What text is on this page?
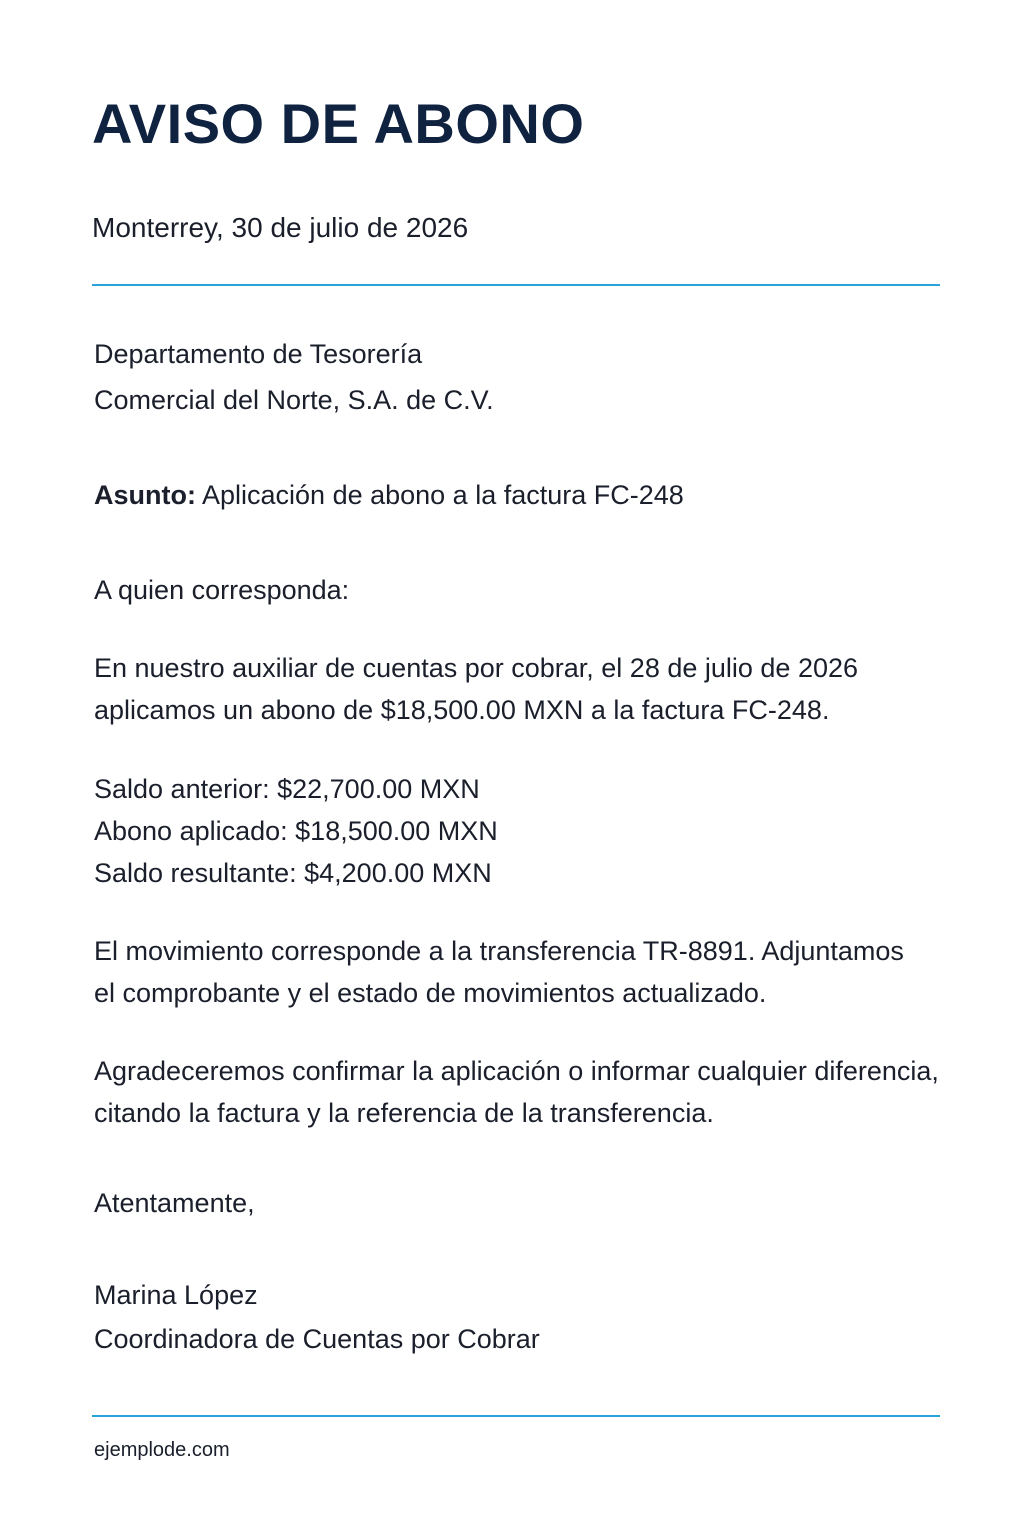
AVISO DE ABONO
Monterrey, 30 de julio de 2026
Departamento de Tesorería
Comercial del Norte, S.A. de C.V.
Asunto: Aplicación de abono a la factura FC-248
A quien corresponda:
En nuestro auxiliar de cuentas por cobrar, el 28 de julio de 2026
aplicamos un abono de $18,500.00 MXN a la factura FC-248.
Saldo anterior: $22,700.00 MXN
Abono aplicado: $18,500.00 MXN
Saldo resultante: $4,200.00 MXN
El movimiento corresponde a la transferencia TR-8891. Adjuntamos
el comprobante y el estado de movimientos actualizado.
Agradeceremos confirmar la aplicación o informar cualquier diferencia,
citando la factura y la referencia de la transferencia.
Atentamente,
Marina López
Coordinadora de Cuentas por Cobrar
ejemplode.com
